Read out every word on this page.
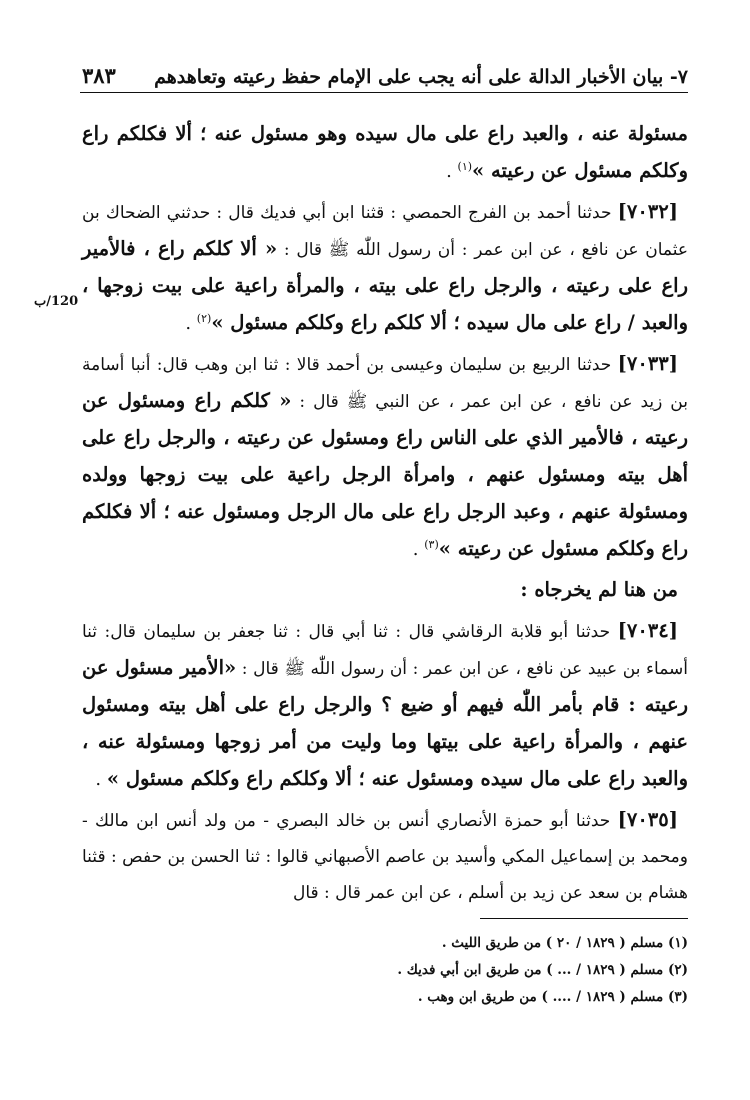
٧- بيان الأخبار الدالة على أنه يجب على الإمام حفظ رعيته وتعاهدهم
٣٨٣
120/ب

مسئولة عنه ، والعبد راع على مال سيده وهو مسئول عنه ؛ ألا فكلكم راع وكلكم مسئول عن رعيته »$^{(١)}$ .

[٧٠٣٢] حدثنا أحمد بن الفرج الحمصي : قثنا ابن أبي فديك قال : حدثني الضحاك بن عثمان عن نافع ، عن ابن عمر : أن رسول اللّٰه ﷺ قال : « ألا كلكم راع ، فالأمير راع على رعيته ، والرجل راع على بيته ، والمرأة راعية على بيت زوجها ، والعبد / راع على مال سيده ؛ ألا كلكم راع وكلكم مسئول »$^{(٢)}$ .

[٧٠٣٣] حدثنا الربيع بن سليمان وعيسى بن أحمد قالا : ثنا ابن وهب قال: أنبا أسامة بن زيد عن نافع ، عن ابن عمر ، عن النبي ﷺ قال : « كلكم راع ومسئول عن رعيته ، فالأمير الذي على الناس راع ومسئول عن رعيته ، والرجل راع على أهل بيته ومسئول عنهم ، وامرأة الرجل راعية على بيت زوجها وولده ومسئولة عنهم ، وعبد الرجل راع على مال الرجل ومسئول عنه ؛ ألا فكلكم راع وكلكم مسئول عن رعيته »$^{(٣)}$ .

من هنا لم يخرجاه :

[٧٠٣٤] حدثنا أبو قلابة الرقاشي قال : ثنا أبي قال : ثنا جعفر بن سليمان قال: ثنا أسماء بن عبيد عن نافع ، عن ابن عمر : أن رسول اللّٰه ﷺ قال : «الأمير مسئول عن رعيته : قام بأمر اللّٰه فيهم أو ضيع ؟ والرجل راع على أهل بيته ومسئول عنهم ، والمرأة راعية على بيتها وما وليت من أمر زوجها ومسئولة عنه ، والعبد راع على مال سيده ومسئول عنه ؛ ألا وكلكم راع وكلكم مسئول » .

[٧٠٣٥] حدثنا أبو حمزة الأنصاري أنس بن خالد البصري - من ولد أنس ابن مالك - ومحمد بن إسماعيل المكي وأسيد بن عاصم الأصبهاني قالوا : ثنا الحسن بن حفص : قثنا هشام بن سعد عن زيد بن أسلم ، عن ابن عمر قال : قال

(١) مسلم ( ١٨٢٩ / ٢٠ ) من طريق الليث .

(٢) مسلم ( ١٨٢٩ / ... ) من طريق ابن أبي فديك .

(٣) مسلم ( ١٨٢٩ / .... ) من طريق ابن وهب .
